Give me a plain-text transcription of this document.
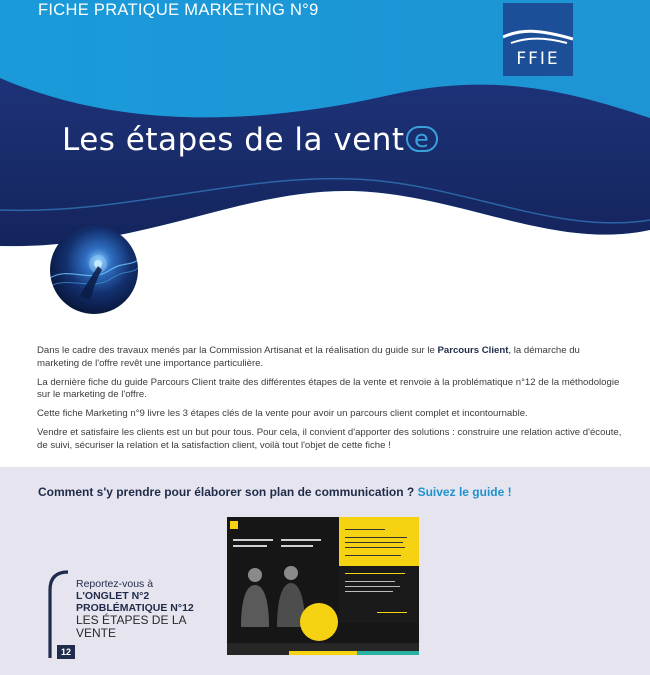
FICHE PRATIQUE MARKETING N°9
FFIE
Les étapes de la vent e

Dans le cadre des travaux menés par la Commission Artisanat et la réalisation du guide sur le Parcours Client, la démarche du marketing de l'offre revêt une importance particulière.

La dernière fiche du guide Parcours Client traite des différentes étapes de la vente et renvoie à la problématique n°12 de la méthodologie sur le marketing de l'offre.

Cette fiche Marketing n°9 livre les 3 étapes clés de la vente pour avoir un parcours client complet et incontournable.

Vendre et satisfaire les clients est un but pour tous. Pour cela, il convient d'apporter des solutions : construire une relation active d'écoute, de suivi, sécuriser la relation et la satisfaction client, voilà tout l'objet de cette fiche !

Comment s'y prendre pour élaborer son plan de communication ? Suivez le guide !
Reportez-vous à
L'ONGLET N°2
PROBLÉMATIQUE N°12
LES ÉTAPES DE LA
VENTE
12
